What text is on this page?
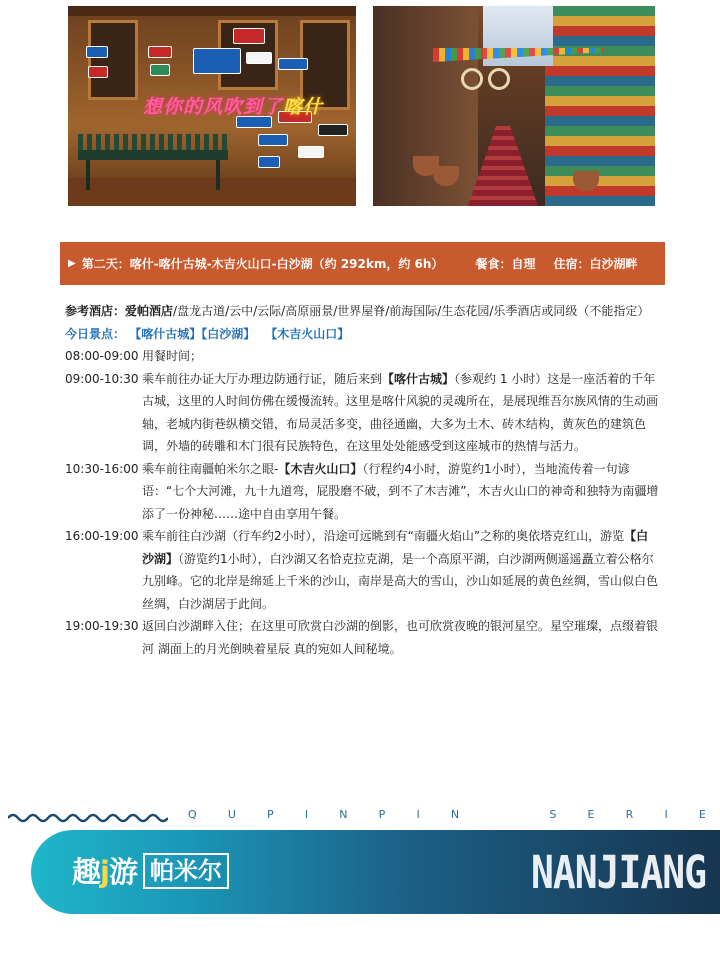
想你的风吹到了喀什
▶ 第二天：喀什-喀什古城-木吉火山口-白沙湖（约 292km，约 6h）	餐食：自理 住宿：白沙湖畔
参考酒店：爱帕酒店/盘龙古道/云中/云际/高原丽景/世界屋脊/前海国际/生态花园/乐季酒店或同级（不能指定）
今日景点： 【喀什古城】【白沙湖】 【木吉火山口】
08:00-09:00 用餐时间；
09:00-10:30 乘车前往办证大厅办理边防通行证，随后来到【喀什古城】（参观约 1 小时）这是一座活着的千年古城，这里的人时间仿佛在缓慢流转。这里是喀什风貌的灵魂所在，是展现维吾尔族风情的生动画轴，老城内街巷纵横交错，布局灵活多变，曲径通幽，大多为土木、砖木结构，黄灰色的建筑色调，外墙的砖雕和木门很有民族特色，在这里处处能感受到这座城市的热情与活力。
10:30-16:00 乘车前往南疆帕米尔之眼-【木吉火山口】（行程约4小时，游览约1小时），当地流传着一句谚语：“七个大河滩，九十九道弯，屁股磨不破，到不了木吉滩”，木吉火山口的神奇和独特为南疆增添了一份神秘……途中自由享用午餐。
16:00-19:00 乘车前往白沙湖（行车约2小时），沿途可远眺到有“南疆火焰山”之称的奥依塔克红山，游览【白沙湖】（游览约1小时），白沙湖又名恰克拉克湖，是一个高原平湖，白沙湖两侧遥遥矗立着公格尔九别峰。它的北岸是绵延上千米的沙山，南岸是高大的雪山，沙山如延展的黄色丝绸，雪山似白色丝绸，白沙湖居于此间。
19:00-19:30 返回白沙湖畔入住；在这里可欣赏白沙湖的倒影，也可欣赏夜晚的银河星空。星空璀璨，点缀着银河 湖面上的月光倒映着星辰 真的宛如人间秘境。
Q	U	P	I	N	P	I	N	S	E	R	I	E
趣j游 帕米尔	NANJIANG
